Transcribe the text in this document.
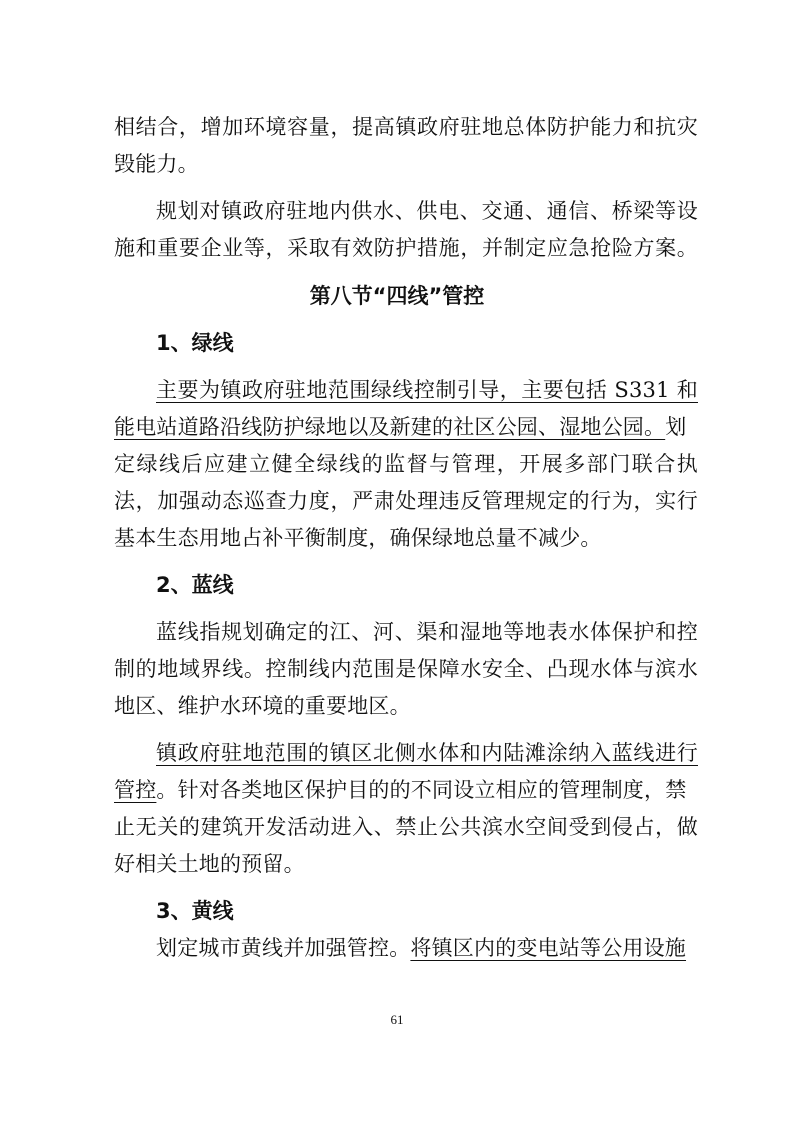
相结合，增加环境容量，提高镇政府驻地总体防护能力和抗灾
毁能力。
规划对镇政府驻地内供水、供电、交通、通信、桥梁等设
施和重要企业等，采取有效防护措施，并制定应急抢险方案。
第八节“四线”管控
1、绿线
主要为镇政府驻地范围绿线控制引导，主要包括 S331 和
能电站道路沿线防护绿地以及新建的社区公园、湿地公园。划
定绿线后应建立健全绿线的监督与管理，开展多部门联合执
法，加强动态巡查力度，严肃处理违反管理规定的行为，实行
基本生态用地占补平衡制度，确保绿地总量不减少。
2、蓝线
蓝线指规划确定的江、河、渠和湿地等地表水体保护和控
制的地域界线。控制线内范围是保障水安全、凸现水体与滨水
地区、维护水环境的重要地区。
镇政府驻地范围的镇区北侧水体和内陆滩涂纳入蓝线进行
管控。针对各类地区保护目的的不同设立相应的管理制度，禁
止无关的建筑开发活动进入、禁止公共滨水空间受到侵占，做
好相关土地的预留。
3、黄线
划定城市黄线并加强管控。将镇区内的变电站等公用设施
61
